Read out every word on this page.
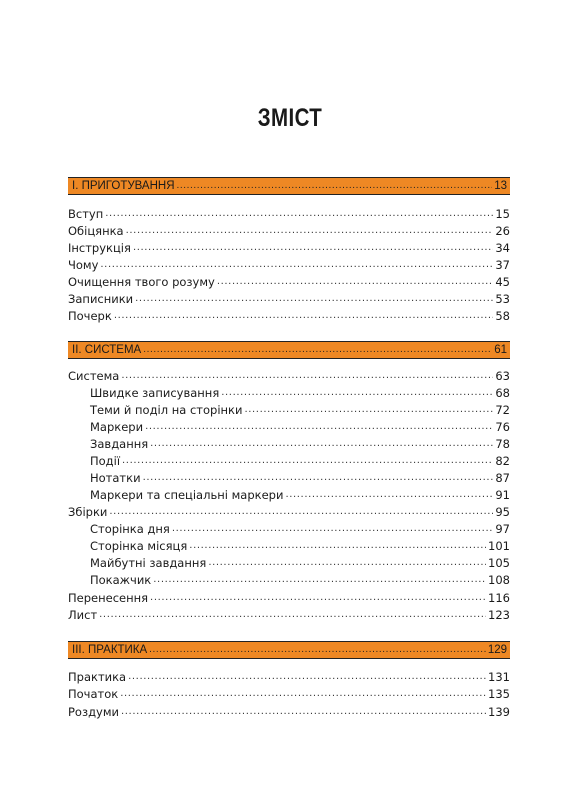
ЗМІСТ
I. ПРИГОТУВАННЯ .....	13
Вступ .....	15
Обіцянка .....	26
Інструкція .....	34
Чому .....	37
Очищення твого розуму .....	45
Записники .....	53
Почерк .....	58
II. СИСТЕМА .....	61
Система .....	63
Швидке записування .....	68
Теми й поділ на сторінки .....	72
Маркери .....	76
Завдання .....	78
Події .....	82
Нотатки .....	87
Маркери та спеціальні маркери .....	91
Збірки .....	95
Сторінка дня .....	97
Сторінка місяця .....	101
Майбутні завдання .....	105
Покажчик .....	108
Перенесення .....	116
Лист .....	123
III. ПРАКТИКА .....	129
Практика .....	131
Початок .....	135
Роздуми .....	139
